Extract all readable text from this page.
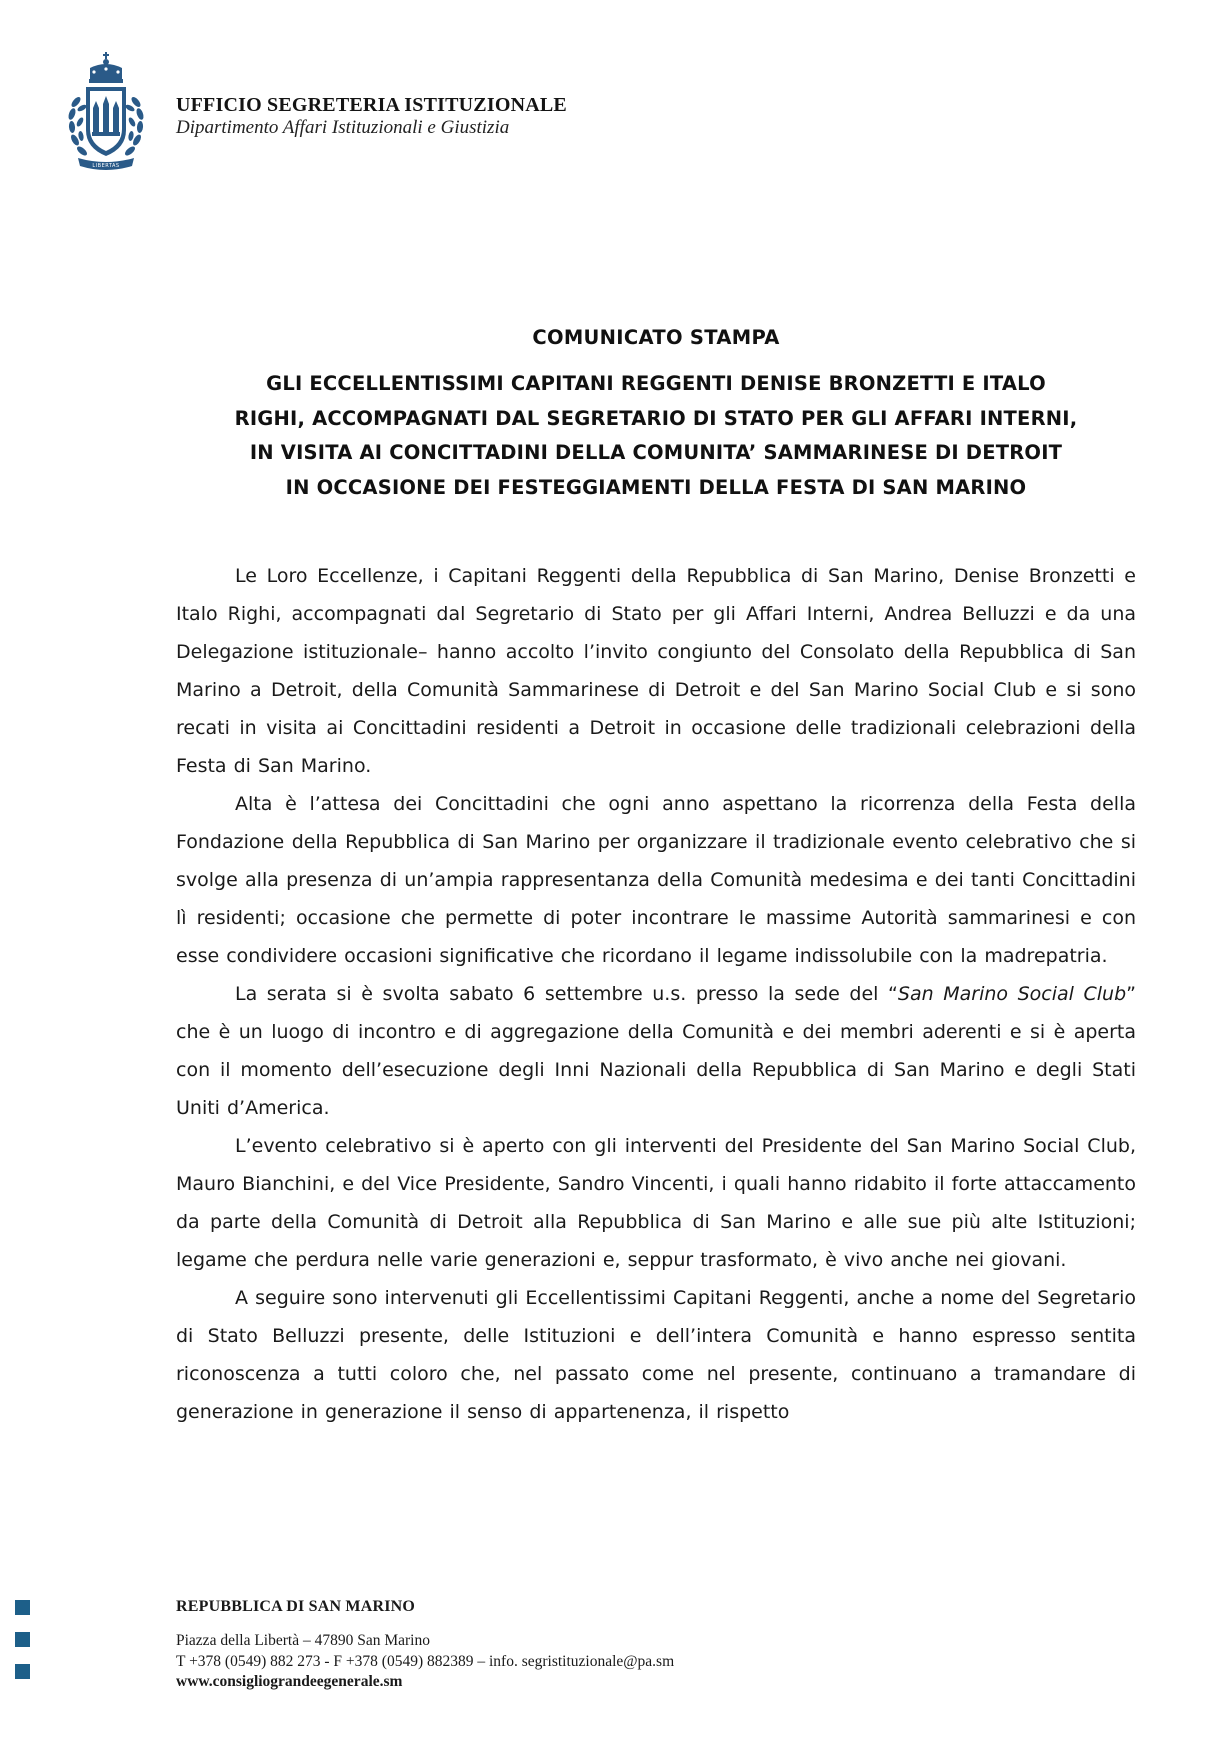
LIBERTAS
UFFICIO SEGRETERIA ISTITUZIONALE
Dipartimento Affari Istituzionali e Giustizia
COMUNICATO STAMPA
GLI ECCELLENTISSIMI CAPITANI REGGENTI DENISE BRONZETTI E ITALO
RIGHI, ACCOMPAGNATI DAL SEGRETARIO DI STATO PER GLI AFFARI INTERNI,
IN VISITA AI CONCITTADINI DELLA COMUNITA’ SAMMARINESE DI DETROIT
IN OCCASIONE DEI FESTEGGIAMENTI DELLA FESTA DI SAN MARINO

Le Loro Eccellenze, i Capitani Reggenti della Repubblica di San Marino, Denise Bronzetti e Italo Righi, accompagnati dal Segretario di Stato per gli Affari Interni, Andrea Belluzzi e da una Delegazione istituzionale– hanno accolto l’invito congiunto del Consolato della Repubblica di San Marino a Detroit, della Comunità Sammarinese di Detroit e del San Marino Social Club e si sono recati in visita ai Concittadini residenti a Detroit in occasione delle tradizionali celebrazioni della Festa di San Marino.

Alta è l’attesa dei Concittadini che ogni anno aspettano la ricorrenza della Festa della Fondazione della Repubblica di San Marino per organizzare il tradizionale evento celebrativo che si svolge alla presenza di un’ampia rappresentanza della Comunità medesima e dei tanti Concittadini lì residenti; occasione che permette di poter incontrare le massime Autorità sammarinesi e con esse condividere occasioni significative che ricordano il legame indissolubile con la madrepatria.

La serata si è svolta sabato 6 settembre u.s. presso la sede del “San Marino Social Club” che è un luogo di incontro e di aggregazione della Comunità e dei membri aderenti e si è aperta con il momento dell’esecuzione degli Inni Nazionali della Repubblica di San Marino e degli Stati Uniti d’America.

L’evento celebrativo si è aperto con gli interventi del Presidente del San Marino Social Club, Mauro Bianchini, e del Vice Presidente, Sandro Vincenti, i quali hanno ridabito il forte attaccamento da parte della Comunità di Detroit alla Repubblica di San Marino e alle sue più alte Istituzioni; legame che perdura nelle varie generazioni e, seppur trasformato, è vivo anche nei giovani.

A seguire sono intervenuti gli Eccellentissimi Capitani Reggenti, anche a nome del Segretario di Stato Belluzzi presente, delle Istituzioni e dell’intera Comunità e hanno espresso sentita riconoscenza a tutti coloro che, nel passato come nel presente, continuano a tramandare di generazione in generazione il senso di appartenenza, il rispetto

REPUBBLICA DI SAN MARINO
Piazza della Libertà – 47890 San Marino
T +378 (0549) 882 273 - F +378 (0549) 882389 – info. segristituzionale@pa.sm
www.consigliograndeegenerale.sm
